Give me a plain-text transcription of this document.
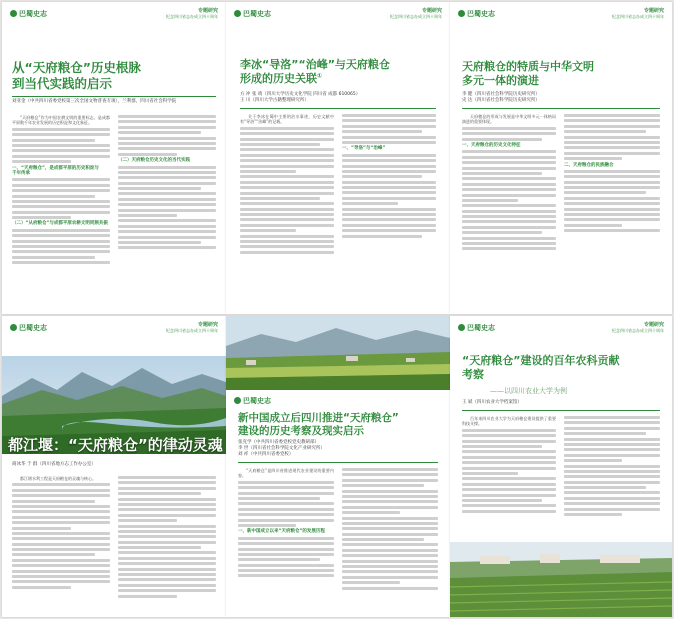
巴蜀史志	专题研究
纪念四川省志办成立四十周年
从“天府粮仓”历史根脉
到当代实践的启示
刘亚金（中共四川省委党校第三次全国文物普查专项），兰利群，四川省社会科学院

“天府粮仓”作为中国农耕文明的重要标志，是成都平原数千年农业发展的历史积淀和文化象征。

一、“天府粮仓”，是成都平原的历史积淀与
千年传承
（二）“从府粮仓”与成都平原农耕文明同频共振
（二）天府粮仓历史文化的当代实践
巴蜀史志	专题研究
纪念四川省志办成立四十周年
李冰“导洛”“治峰”与天府粮仓
形成的历史关联①
方 冲 张 靖（四川大学历史文化学院 四川省 成都 610065）
王 川（四川大学古籍整理研究所）

关于李冰在蜀中主要的治水事迹，历史文献中有“导洛”“治峰”的记载。

一、“导洛”与“治峰”
巴蜀史志	专题研究
纪念四川省志办成立四十周年
天府粮仓的特质与中华文明
多元一体的演进
李 健（四川省社会科学院历史研究所）
史 达（四川省社会科学院历史研究所）

天府粮仓的形成与发展是中华文明多元一体格局演进的重要体现。

一、天府粮仓的历史文化特征
二、天府粮仓的民族融合
巴蜀史志	专题研究
纪念四川省志办成立四十周年
都江堰：“天府粮仓”的律动灵魂
商冰华 于 群（四川省地方志工作办公室）

都江堰水利工程是天府粮仓的灵魂与核心。

巴蜀史志
新中国成立后四川推进“天府粮仓”
建设的历史考察及现实启示
张克学（中共四川省委党校党史教研部）
李 世（四川省社会科学院文化产业研究所）
刘 祥（中共四川省委党校）

“天府粮仓”是四川省推进现代农业建设的重要内容。

一、新中国成立以来“天府粮仓”的发展历程
巴蜀史志	专题研究
纪念四川省志办成立四十周年
“天府粮仓”建设的百年农科贡献
考察
——以四川农业大学为例
王 斌（四川农业大学档案馆）

百年来四川农业大学为天府粮仓建设提供了重要科技支撑。
